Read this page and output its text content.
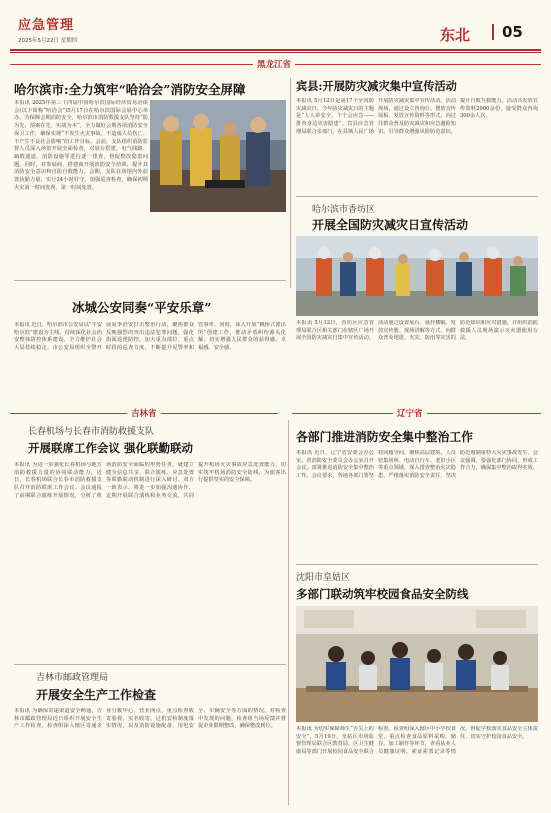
应急管理
2025年5月22日 星期四	东北 05
黑龙江省
哈尔滨市:全力筑牢“哈洽会”消防安全屏障
本报讯 2025年第三十四届中国哈尔滨国际经济贸易洽谈会(以下简称“哈洽会”)5月17日在哈尔滨国际会展中心举办。为保障会期消防安全，哈尔滨市消防救援支队坚持“防为先、预案在先、实战为本“，全力做好会期各项消防安全保卫工作，确保实现“不发生火灾事故、不造成人员伤亡、不产生不良社会影响”的工作目标。会前，支队组织消防监督人员深入场馆开展全面检查，对展台搭建、电气线路、疏散通道、消防设施等进行逐一排查，督促整改隐患问题。同时，对参展商、搭建商开展消防安全培训，提升其消防安全意识和自防自救能力。会期，支队在场馆内外前置执勤力量，实行24小时驻守，加强巡查检查，确保初期火灾第一时间发现、第一时间处置。
宾县:开展防灾减灾集中宣传活动
本报讯 5月12日是第17个全国防灾减灾日，今年防灾减灾日的主题是“人人讲安全、个个会应急——排查身边灾害隐患”。宾县应急管理局联合多部门，在县城人民广场开展防灾减灾集中宣传活动。活动现场，通过设立咨询台、摆放宣传展板、发放宣传资料等形式，向过往群众普及防灾减灾和应急避险知识，引导群众增强风险防范意识，提升自救互救能力。活动共发放宣传资料2000余份，接受群众咨询300余人次。
哈尔滨市香坊区
开展全国防灾减灾日宣传活动
本报讯 5月12日，香坊区应急管理局联合区相关部门在辖区广场开展全国防灾减灾日集中宣传活动。活动通过设置展台、悬挂横幅、发放宣传册、现场讲解等方式，向群众普及地震、火灾、防汛等灾害的防范知识和应对措施，并组织消防救援人员现场演示灭火器使用方法。
冰城公安同奏“平安乐章”
本报讯 近日，哈尔滨市公安局以“平安哈尔滨”建设为主线，持续深化社会治安整体防控体系建设，全力维护社会大局持续稳定。市公安局组织全警开展夏季治安打击整治行动，聚焦群众反映强烈的突出违法犯罪问题，强化街面巡逻防控，加大重点部位、重点时段的巡查力度，不断提升见警率和管事率。同时，深入开展“枫桥式派出所”创建工作，推动矛盾纠纷源头化解，切实增强人民群众的获得感、幸福感、安全感。
吉林省	辽宁省
长春机场与长春市消防救援支队
开展联席工作会议 强化联勤联动
本报讯 为进一步强化长春机场与地方消防救援力量的协同联动能力，近日，长春机场联合长春市消防救援支队召开消防联席工作会议。会议通报了前期联合演练开展情况，分析了机场消防安全面临的形势任务，就建立健全信息共享、联合演练、应急处置等联勤联动机制进行深入研讨。双方一致表示，将进一步加强沟通协作，定期开展联合演练和业务交流，共同提升机场火灾事故应急处置能力，切实筑牢机场消防安全防线，为旅客出行提供坚实的安全保障。
吉林市邮政管理局
开展安全生产工作检查
本报讯 为确保寄递渠道安全畅通，吉林市邮政管理局近日组织开展安全生产工作检查。检查组深入辖区寄递企业分拨中心、营业网点，重点检查收寄验视、实名收寄、过机安检制度落实情况，以及消防设施配备、用电安全、车辆安全等方面的情况。对检查中发现的问题，检查组当场反馈并督促企业限期整改，确保整改到位。
各部门推进消防安全集中整治工作
本报讯 近日，辽宁省安委会办公室、省消防安全委员会办公室召开会议，部署推进消防安全集中整治工作。会议要求，各地各部门要坚持问题导向，聚焦高层建筑、人员密集场所、电动自行车、老旧小区等重点领域，深入排查整治火灾隐患，严格落实消防安全责任，坚决防范遏制重特大火灾事故发生。会议强调，要强化部门协同，形成工作合力，确保集中整治取得实效。
沈阳市皇姑区
多部门联动筑牢校园食品安全防线
本报讯 为切实保障师生“舌尖上的安全”，5月19日，皇姑区市场监督管理局联合区教育局、区卫生健康局等部门开展校园食品安全联合检查。检查组深入辖区中小学校食堂，重点检查食品原料采购、储存、加工制作等环节，查看从业人员健康证明、索证索票记录等情况，督促学校落实食品安全主体责任，切实守护校园食品安全。
